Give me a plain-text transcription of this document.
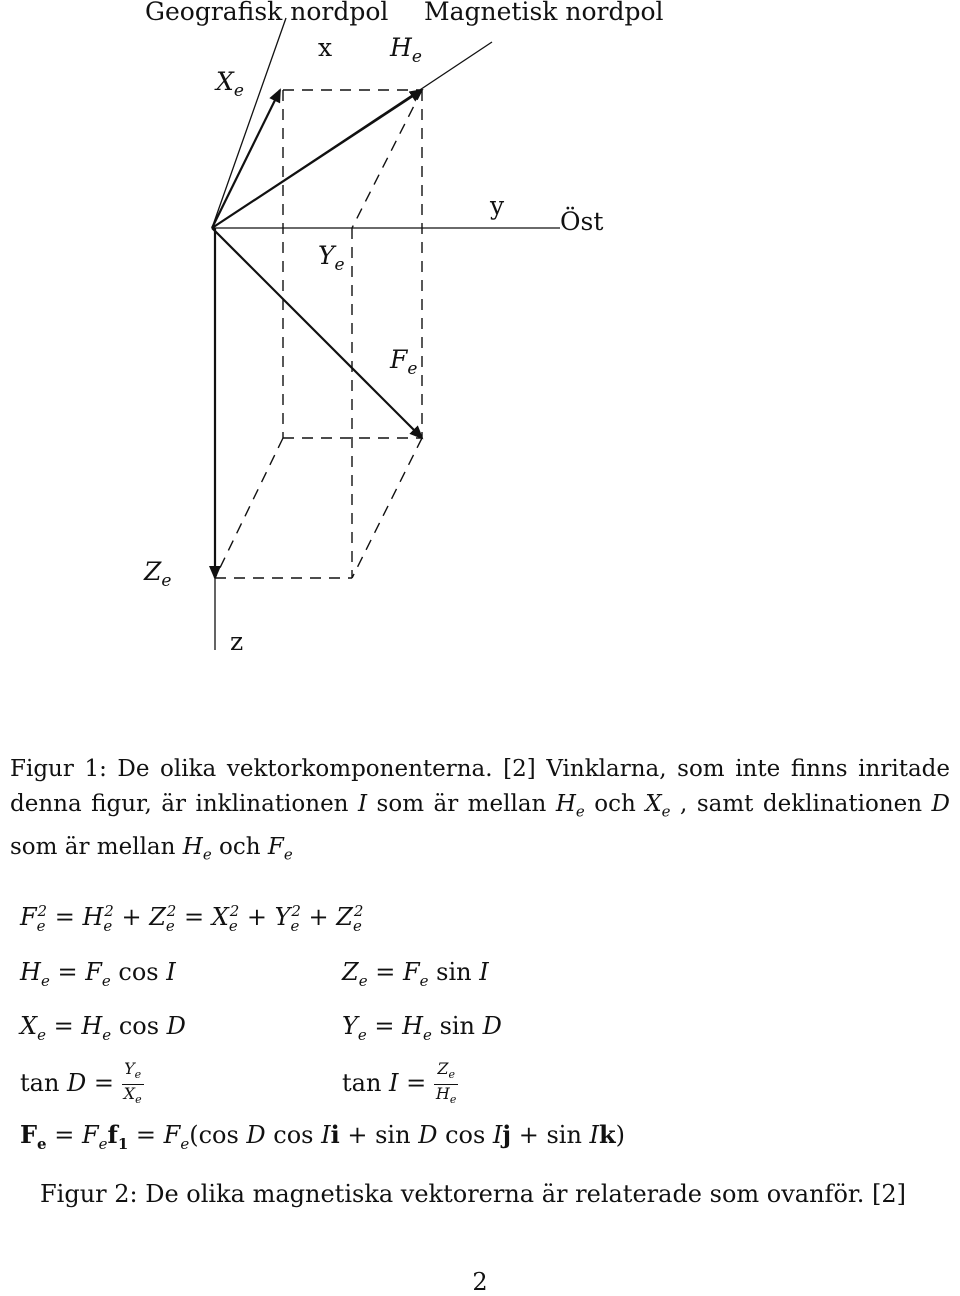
Geografisk nordpol Magnetisk nordpol
x He
Xe
y
Öst
Ye
Fe
Ze
z
Figur 1: De olika vektorkomponenterna. [2] Vinklarna, som inte finns inritade denna figur, är inklinationen I som är mellan $H_e$ och $X_e$ , samt deklinationen D som är mellan $H_e$ och $F_e$
$F_e^2 = H_e^2 + Z_e^2 = X_e^2 + Y_e^2 + Z_e^2$
$H_e = F_e$ cos I	$Z_e = F_e$ sin I
$X_e = H_e$ cos D	$Y_e = H_e$ sin D
$\tan D = \frac{Y_e}{X_e}$	$\tan I = \frac{Z_e}{H_e}$
$F_e = F_ef_1 = F_e(\cos$ D cos Ii + sin D cos Ij + sin Ik)
Figur 2: De olika magnetiska vektorerna är relaterade som ovanför. [2]
2
